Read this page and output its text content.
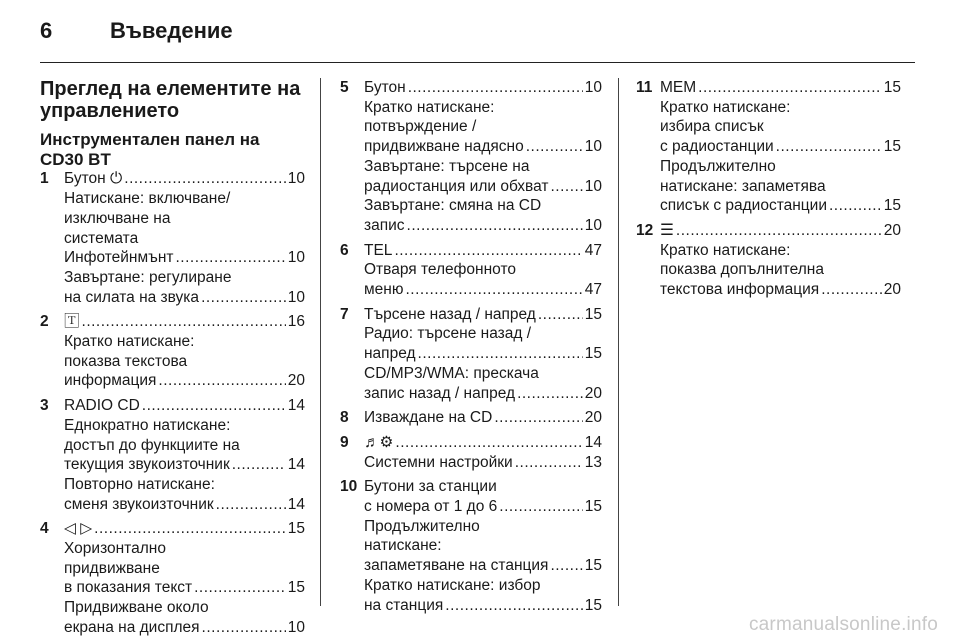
6	Въведение
Преглед на елементите на управлението
Инструментален панел на CD30 BT
1 Бутон ⏻ .....	10
Натискане: включване/
изключване на
системата
Инфотейнмънт .....	10
Завъртане: регулиране
на силата на звука .....	10
2 🅃 .....	16
Кратко натискане:
показва текстова
информация .....	20
3 RADIO CD .....	14
Еднократно натискане:
достъп до функциите на
текущия звукоизточник .....	14
Повторно натискане:
сменя звукоизточник .....	14
4 ◁ ▷ .....	15
Хоризонтално
придвижване
в показания текст .....	15
Придвижване около
екрана на дисплея .....	10
5 Бутон .....	10
Кратко натискане:
потвърждение /
придвижване надясно .....	10
Завъртане: търсене на
радиостанция или обхват ..... 10
Завъртане: смяна на CD
запис .....	10
6 TEL .....	47
Отваря телефонното
меню .....	47
7 Търсене назад / напред .....	15
Радио: търсене назад /
напред .....	15
CD/MP3/WMA: прескача
запис назад / напред .....	20
8 Изваждане на CD .....	20
9 ♬⚙ .....	14
Системни настройки .....	13
10 Бутони за станции
с номера от 1 до 6 .....	15
Продължително
натискане:
запаметяване на станция ..... 15
Кратко натискане: избор
на станция .....	15
11 MEM .....	15
Кратко натискане:
избира списък
с радиостанции .....	15
Продължително
натискане: запаметява
списък с радиостанции .....	15
12 ☰ .....	20
Кратко натискане:
показва допълнителна
текстова информация .....	20
carmanualsonline.info
